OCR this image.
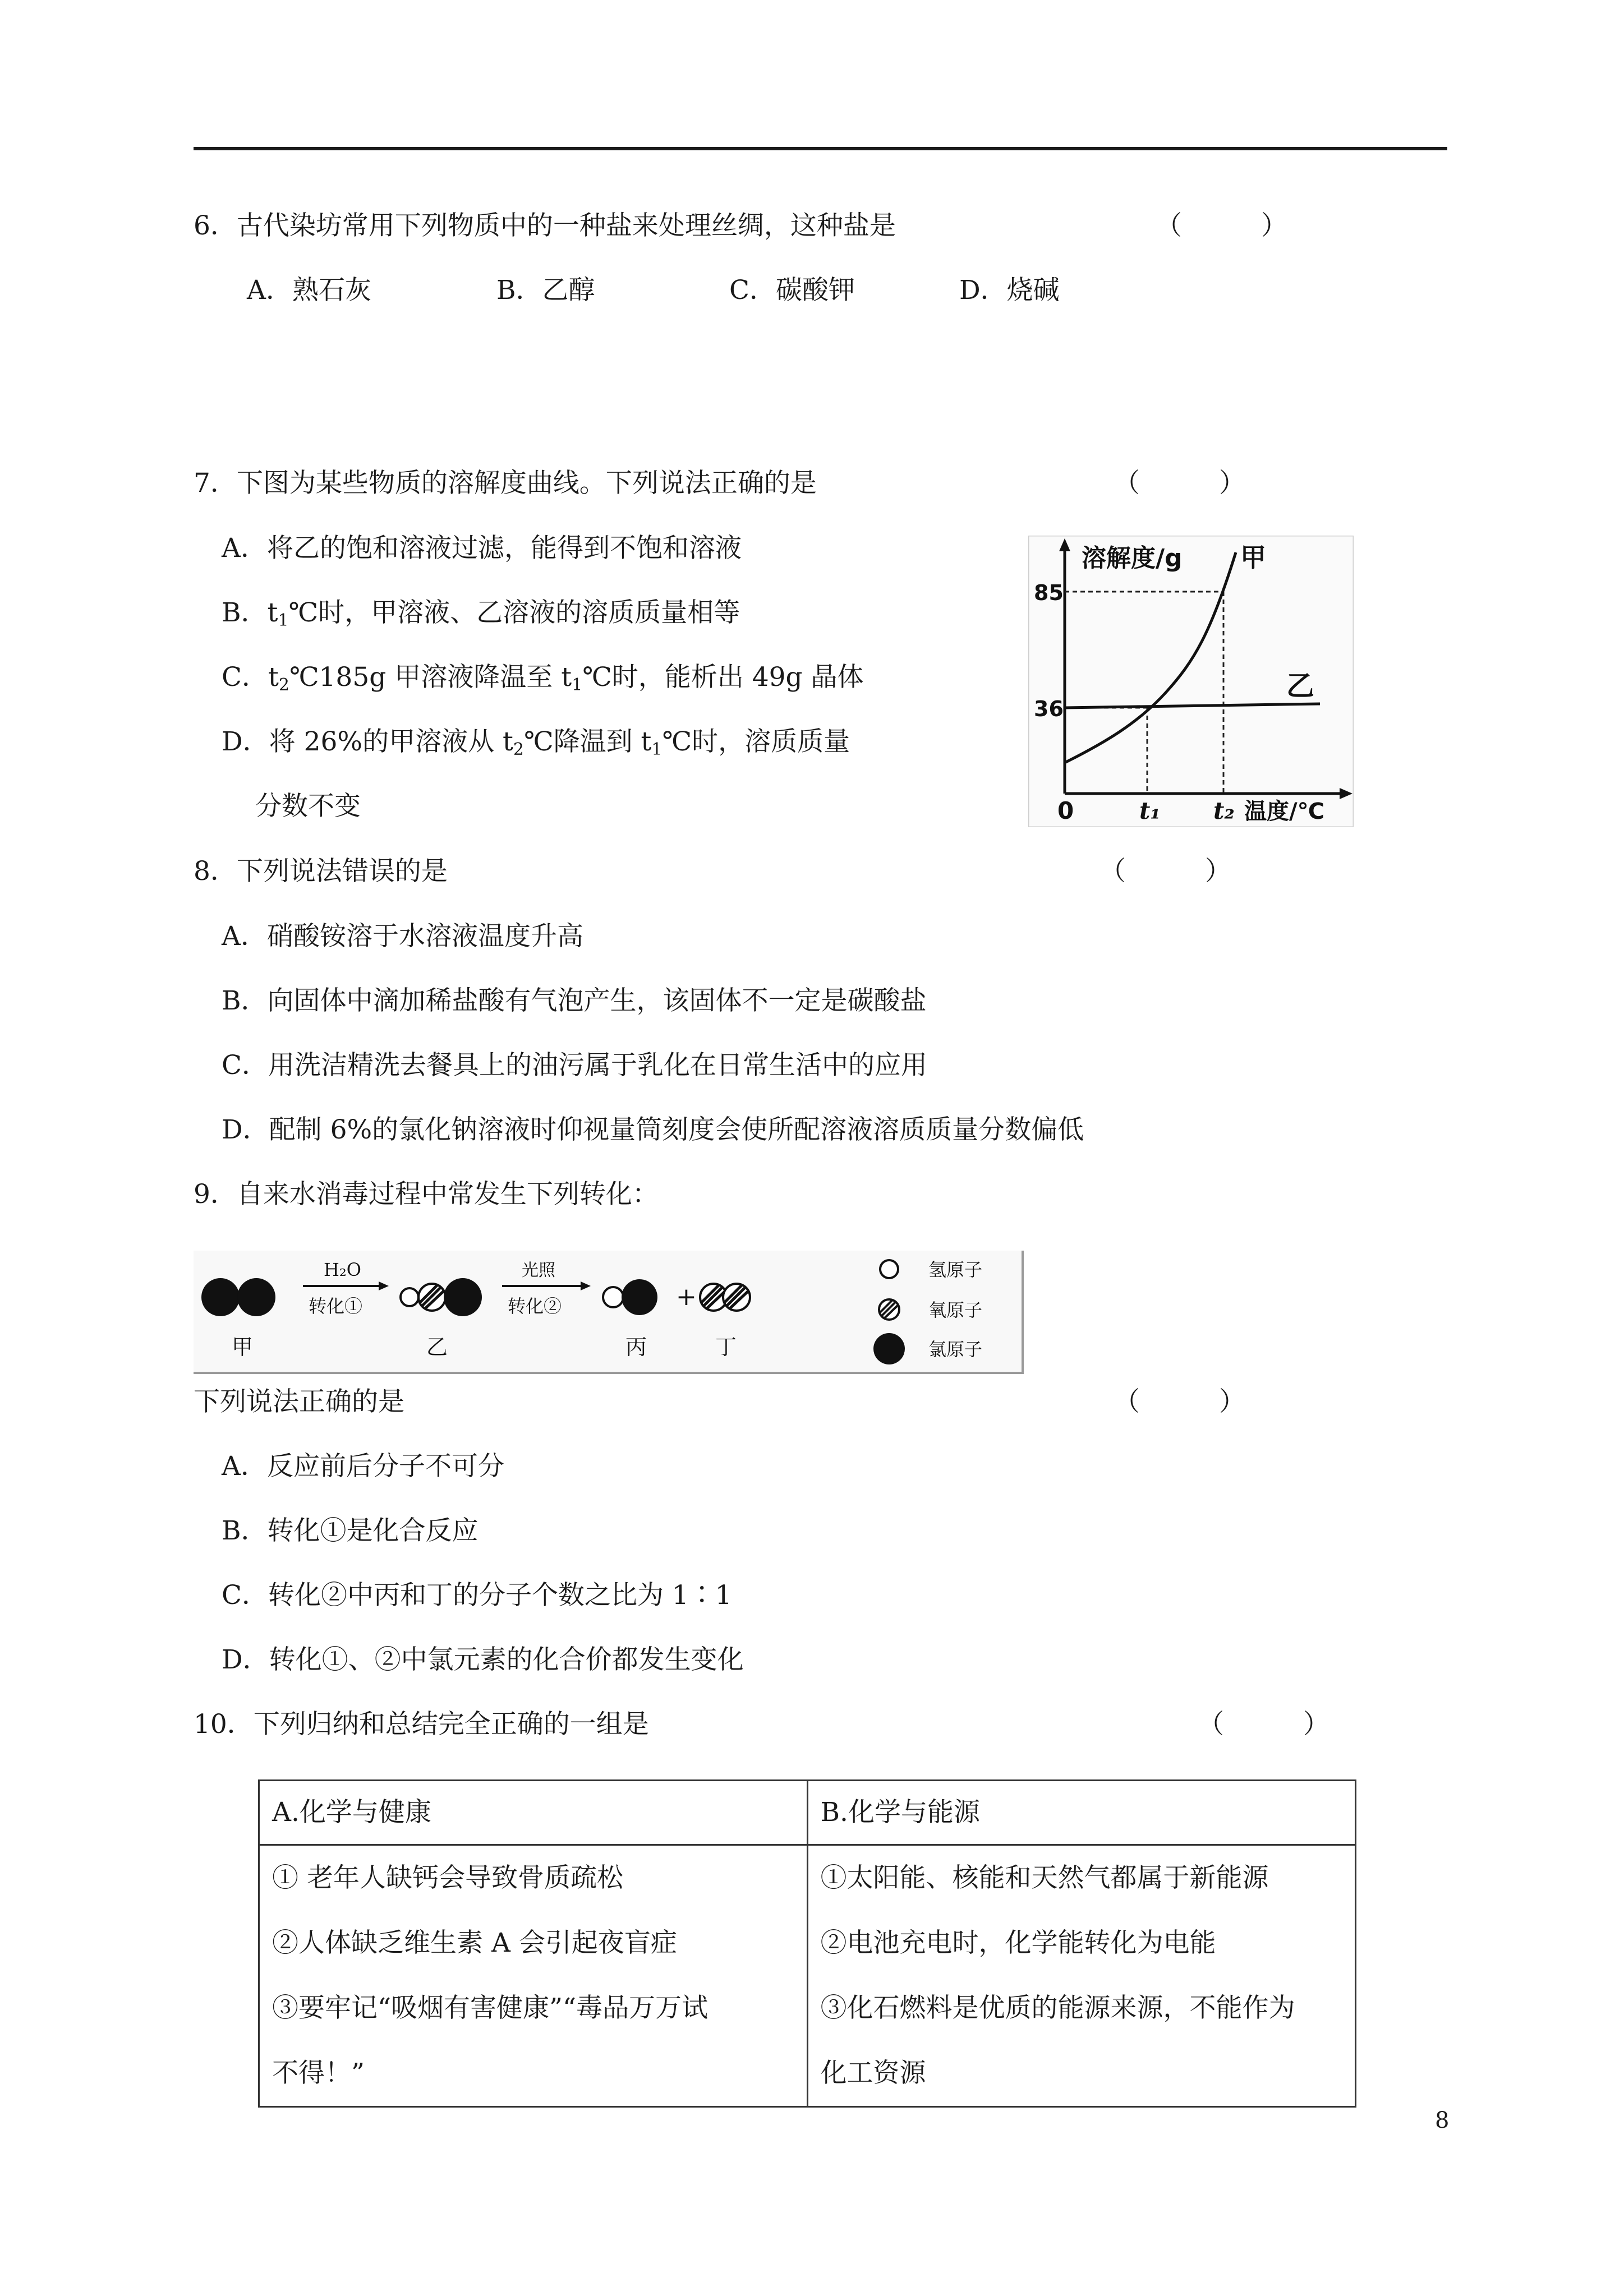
6．古代染坊常用下列物质中的一种盐来处理丝绸，这种盐是	（　　　）
A．熟石灰	B．乙醇	C．碳酸钾	D．烧碱
7．下图为某些物质的溶解度曲线。下列说法正确的是	（　　　）
A．将乙的饱和溶液过滤，能得到不饱和溶液
B．$t_1℃$时，甲溶液、乙溶液的溶质质量相等
C．$t_2℃185g$ 甲溶液降温至 $t_1℃$时，能析出 49g 晶体
D．将 26%的甲溶液从 $t_2℃$降温到 $t_1℃$时，溶质质量
分数不变
溶解度/g 甲
乙
85
36
0	t₁ t₂ 温度/℃
8．下列说法错误的是	（　　　）
A．硝酸铵溶于水溶液温度升高
B．向固体中滴加稀盐酸有气泡产生，该固体不一定是碳酸盐
C．用洗洁精洗去餐具上的油污属于乳化在日常生活中的应用
D．配制 6%的氯化钠溶液时仰视量筒刻度会使所配溶液溶质质量分数偏低
9．自来水消毒过程中常发生下列转化：
甲
H₂O
转化①
乙
光照
转化②
丙
+
丁
氢原子
氧原子
氯原子
下列说法正确的是	（　　　）
A．反应前后分子不可分
B．转化①是化合反应
C．转化②中丙和丁的分子个数之比为 1∶1
D．转化①、②中氯元素的化合价都发生变化
10．下列归纳和总结完全正确的一组是	（　　　）
A.化学与健康	B.化学与能源

① 老年人缺钙会导致骨质疏松
②人体缺乏维生素 A 会引起夜盲症
③要牢记“吸烟有害健康”“毒品万万试
不得！”	①太阳能、核能和天然气都属于新能源
②电池充电时，化学能转化为电能
③化石燃料是优质的能源来源，不能作为
化工资源
8
